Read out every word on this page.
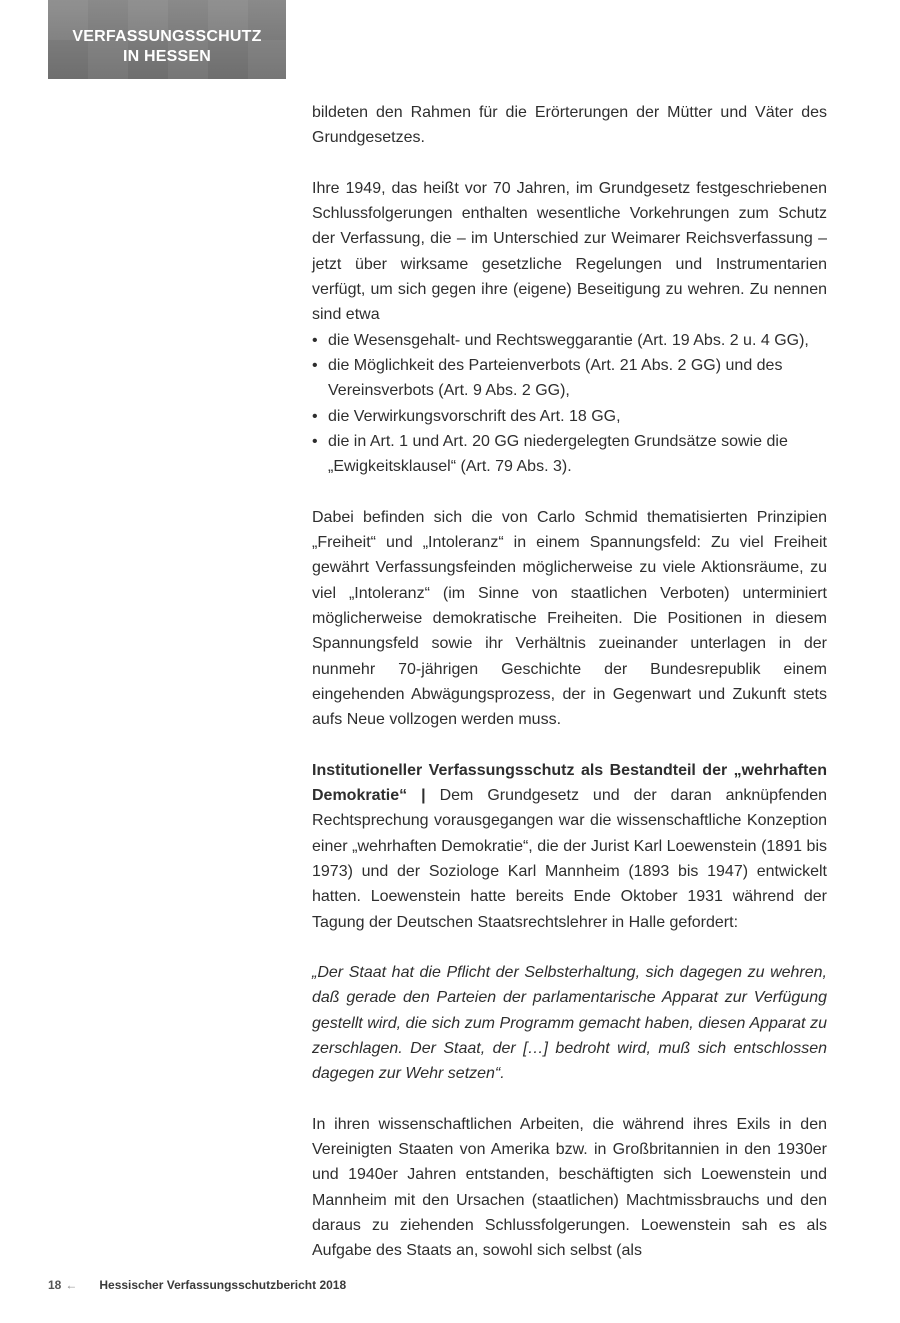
VERFASSUNGSSCHUTZ
IN HESSEN

bildeten den Rahmen für die Erörterungen der Mütter und Väter des Grundgesetzes.

Ihre 1949, das heißt vor 70 Jahren, im Grundgesetz festgeschriebenen Schlussfolgerungen enthalten wesentliche Vorkehrungen zum Schutz der Verfassung, die – im Unterschied zur Weimarer Reichsverfassung – jetzt über wirksame gesetzliche Regelungen und Instrumentarien verfügt, um sich gegen ihre (eigene) Beseitigung zu wehren. Zu nennen sind etwa

• die Wesensgehalt- und Rechtsweggarantie (Art. 19 Abs. 2 u. 4 GG),
• die Möglichkeit des Parteienverbots (Art. 21 Abs. 2 GG) und des Vereinsverbots (Art. 9 Abs. 2 GG),
• die Verwirkungsvorschrift des Art. 18 GG,
• die in Art. 1 und Art. 20 GG niedergelegten Grundsätze sowie die „Ewigkeitsklausel“ (Art. 79 Abs. 3).

Dabei befinden sich die von Carlo Schmid thematisierten Prinzipien „Freiheit“ und „Intoleranz“ in einem Spannungsfeld: Zu viel Freiheit gewährt Verfassungsfeinden möglicherweise zu viele Aktionsräume, zu viel „Intoleranz“ (im Sinne von staatlichen Verboten) unterminiert möglicherweise demokratische Freiheiten. Die Positionen in diesem Spannungsfeld sowie ihr Verhältnis zueinander unterlagen in der nunmehr 70-jährigen Geschichte der Bundesrepublik einem eingehenden Abwägungsprozess, der in Gegenwart und Zukunft stets aufs Neue vollzogen werden muss.

Institutioneller Verfassungsschutz als Bestandteil der „wehrhaften Demokratie“ | Dem Grundgesetz und der daran anknüpfenden Rechtsprechung vorausgegangen war die wissenschaftliche Konzeption einer „wehrhaften Demokratie“, die der Jurist Karl Loewenstein (1891 bis 1973) und der Soziologe Karl Mannheim (1893 bis 1947) entwickelt hatten. Loewenstein hatte bereits Ende Oktober 1931 während der Tagung der Deutschen Staatsrechtslehrer in Halle gefordert:

„Der Staat hat die Pflicht der Selbsterhaltung, sich dagegen zu wehren, daß gerade den Parteien der parlamentarische Apparat zur Verfügung gestellt wird, die sich zum Programm gemacht haben, diesen Apparat zu zerschlagen. Der Staat, der […] bedroht wird, muß sich entschlossen dagegen zur Wehr setzen“.

In ihren wissenschaftlichen Arbeiten, die während ihres Exils in den Vereinigten Staaten von Amerika bzw. in Großbritannien in den 1930er und 1940er Jahren entstanden, beschäftigten sich Loewenstein und Mannheim mit den Ursachen (staatlichen) Machtmissbrauchs und den daraus zu ziehenden Schlussfolgerungen. Loewenstein sah es als Aufgabe des Staats an, sowohl sich selbst (als

18 ← Hessischer Verfassungsschutzbericht 2018
